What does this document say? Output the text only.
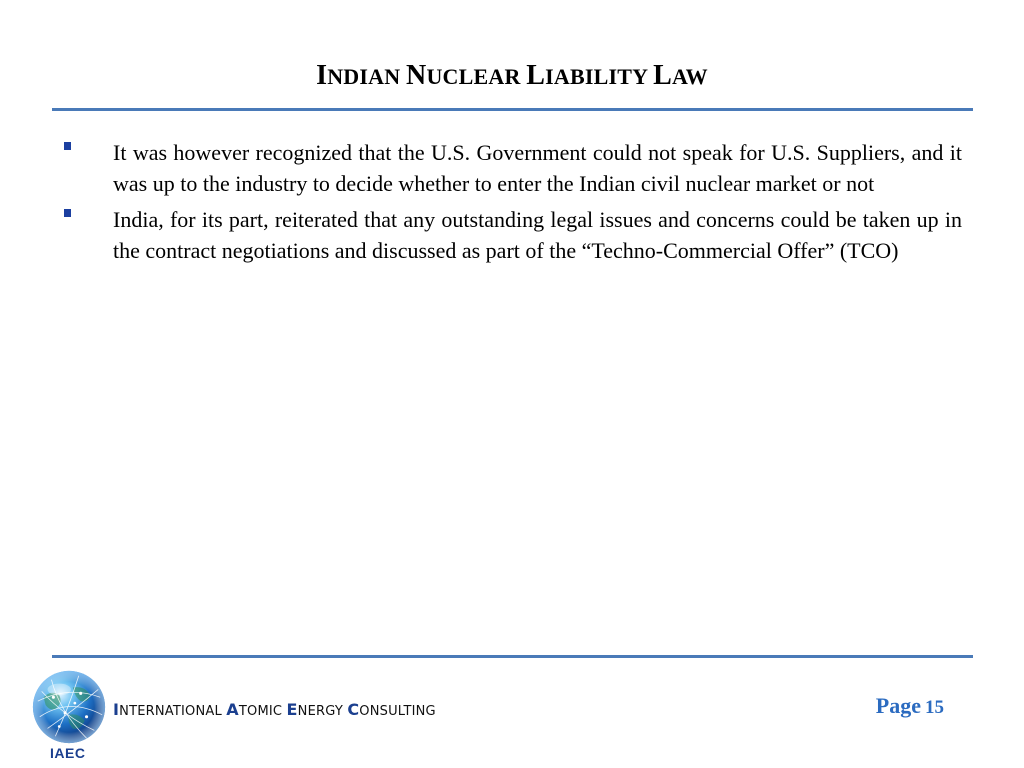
INDIAN NUCLEAR LIABILITY LAW
It was however recognized that the U.S. Government could not speak for U.S. Suppliers, and it was up to the industry to decide whether to enter the Indian civil nuclear market or not
India, for its part, reiterated that any outstanding legal issues and concerns could be taken up in the contract negotiations and discussed as part of the “Techno-Commercial Offer” (TCO)
IAEC
INTERNATIONAL ATOMIC ENERGY CONSULTING	Page 15
